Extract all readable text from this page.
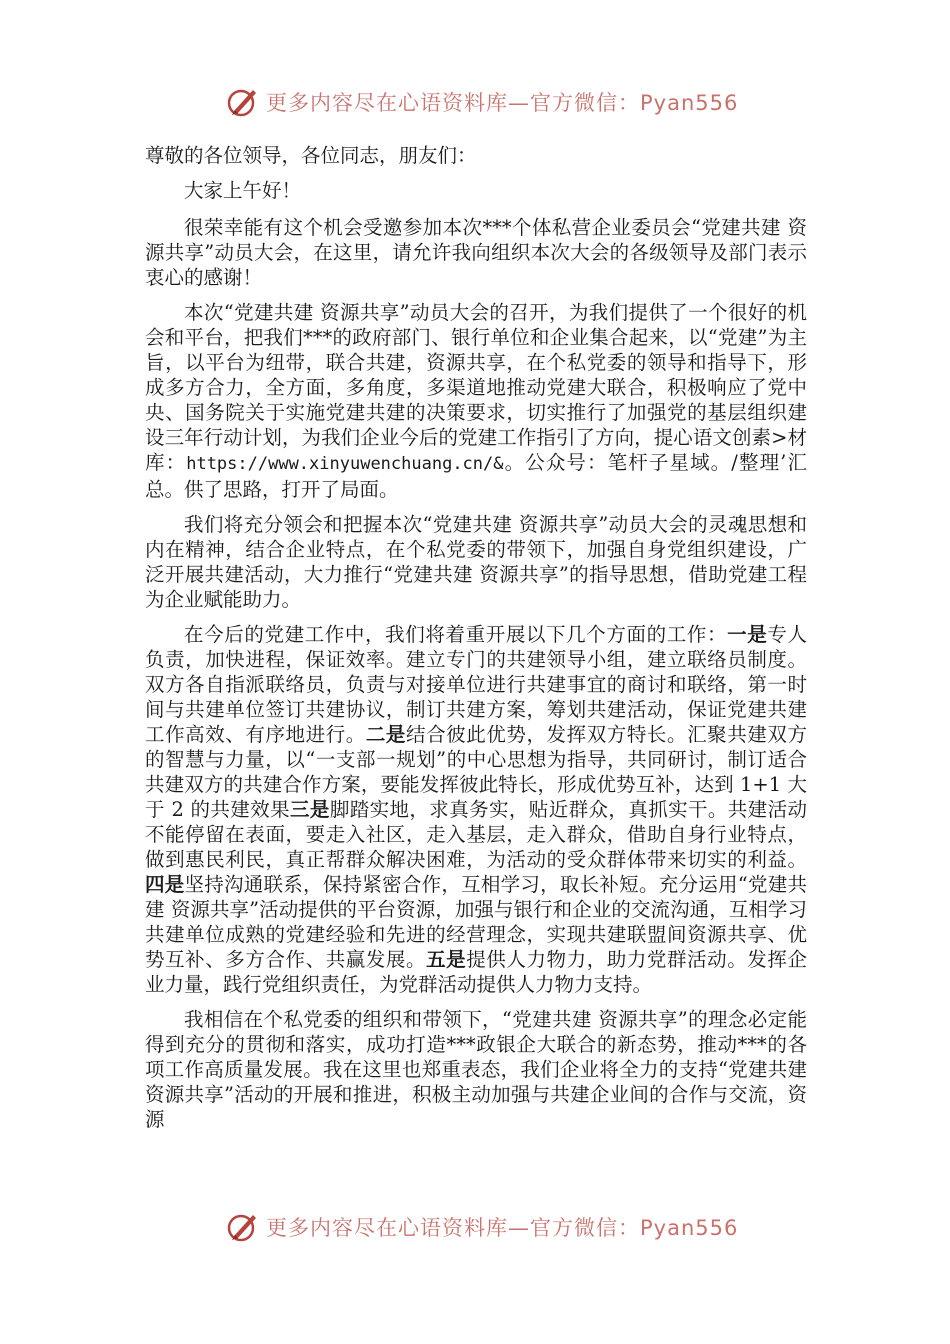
更多内容尽在心语资料库—官方微信：Pyan556

尊敬的各位领导，各位同志，朋友们：

大家上午好！

很荣幸能有这个机会受邀参加本次***个体私营企业委员会“党建共建 资源共享”动员大会，在这里，请允许我向组织本次大会的各级领导及部门表示衷心的感谢！

本次“党建共建 资源共享”动员大会的召开，为我们提供了一个很好的机会和平台，把我们***的政府部门、银行单位和企业集合起来，以“党建”为主旨，以平台为纽带，联合共建，资源共享，在个私党委的领导和指导下，形成多方合力，全方面，多角度，多渠道地推动党建大联合，积极响应了党中央、国务院关于实施党建共建的决策要求，切实推行了加强党的基层组织建设三年行动计划，为我们企业今后的党建工作指引了方向，提心语文创素>材库：https://www.xinyuwenchuang.cn/&。公众号：笔杆子星域。/整理’汇总。供了思路，打开了局面。

我们将充分领会和把握本次“党建共建 资源共享”动员大会的灵魂思想和内在精神，结合企业特点，在个私党委的带领下，加强自身党组织建设，广泛开展共建活动，大力推行“党建共建 资源共享”的指导思想，借助党建工程为企业赋能助力。

在今后的党建工作中，我们将着重开展以下几个方面的工作：一是专人负责，加快进程，保证效率。建立专门的共建领导小组，建立联络员制度。双方各自指派联络员，负责与对接单位进行共建事宜的商讨和联络，第一时间与共建单位签订共建协议，制订共建方案，筹划共建活动，保证党建共建工作高效、有序地进行。二是结合彼此优势，发挥双方特长。汇聚共建双方的智慧与力量，以“一支部一规划”的中心思想为指导，共同研讨，制订适合共建双方的共建合作方案，要能发挥彼此特长，形成优势互补，达到 1+1 大于 2 的共建效果三是脚踏实地，求真务实，贴近群众，真抓实干。共建活动不能停留在表面，要走入社区，走入基层，走入群众，借助自身行业特点，做到惠民利民，真正帮群众解决困难，为活动的受众群体带来切实的利益。四是坚持沟通联系，保持紧密合作，互相学习，取长补短。充分运用“党建共建 资源共享”活动提供的平台资源，加强与银行和企业的交流沟通，互相学习共建单位成熟的党建经验和先进的经营理念，实现共建联盟间资源共享、优势互补、多方合作、共赢发展。五是提供人力物力，助力党群活动。发挥企业力量，践行党组织责任，为党群活动提供人力物力支持。

我相信在个私党委的组织和带领下，“党建共建 资源共享”的理念必定能得到充分的贯彻和落实，成功打造***政银企大联合的新态势，推动***的各项工作高质量发展。我在这里也郑重表态，我们企业将全力的支持“党建共建 资源共享”活动的开展和推进，积极主动加强与共建企业间的合作与交流，资源

更多内容尽在心语资料库—官方微信：Pyan556
